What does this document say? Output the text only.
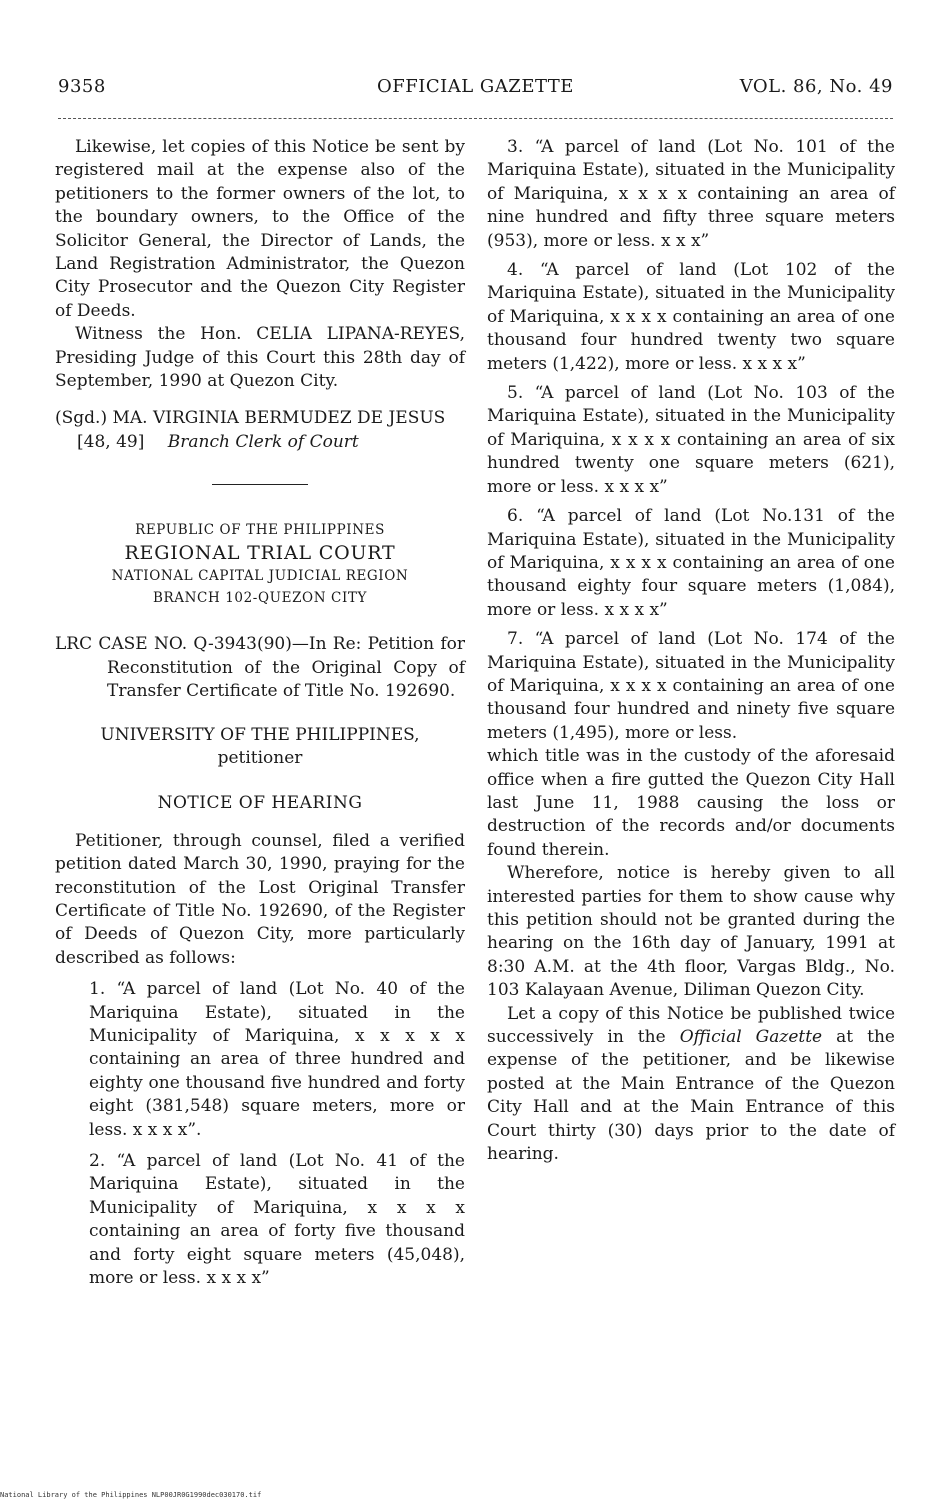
9358	OFFICIAL GAZETTE	VOL. 86, No. 49

Likewise, let copies of this Notice be sent by registered mail at the expense also of the petitioners to the former owners of the lot, to the boundary owners, to the Office of the Solicitor General, the Director of Lands, the Land Registration Administrator, the Quezon City Prosecutor and the Quezon City Register of Deeds.

Witness the Hon. CELIA LIPANA-REYES, Presiding Judge of this Court this 28th day of September, 1990 at Quezon City.

(Sgd.) MA. VIRGINIA BERMUDEZ DE JESUS
[48, 49] Branch Clerk of Court
REPUBLIC OF THE PHILIPPINES
REGIONAL TRIAL COURT
NATIONAL CAPITAL JUDICIAL REGION
BRANCH 102-QUEZON CITY

LRC CASE NO. Q-3943(90)—In Re: Petition for Reconstitution of the Original Copy of Transfer Certificate of Title No. 192690.

UNIVERSITY OF THE PHILIPPINES,
petitioner
NOTICE OF HEARING

Petitioner, through counsel, filed a verified petition dated March 30, 1990, praying for the reconstitution of the Lost Original Transfer Certificate of Title No. 192690, of the Register of Deeds of Quezon City, more particularly described as follows:

1. “A parcel of land (Lot No. 40 of the Mariquina Estate), situated in the Municipality of Mariquina, x x x x x containing an area of three hundred and eighty one thousand five hundred and forty eight (381,548) square meters, more or less. x x x x”.

2. “A parcel of land (Lot No. 41 of the Mariquina Estate), situated in the Municipality of Mariquina, x x x x containing an area of forty five thousand and forty eight square meters (45,048), more or less. x x x x”

3. “A parcel of land (Lot No. 101 of the Mariquina Estate), situated in the Municipality of Mariquina, x x x x containing an area of nine hundred and fifty three square meters (953), more or less. x x x”

4. “A parcel of land (Lot 102 of the Mariquina Estate), situated in the Municipality of Mariquina, x x x x containing an area of one thousand four hundred twenty two square meters (1,422), more or less. x x x x”

5. “A parcel of land (Lot No. 103 of the Mariquina Estate), situated in the Municipality of Mariquina, x x x x containing an area of six hundred twenty one square meters (621), more or less. x x x x”

6. “A parcel of land (Lot No.131 of the Mariquina Estate), situated in the Municipality of Mariquina, x x x x containing an area of one thousand eighty four square meters (1,084), more or less. x x x x”

7. “A parcel of land (Lot No. 174 of the Mariquina Estate), situated in the Municipality of Mariquina, x x x x containing an area of one thousand four hundred and ninety five square meters (1,495), more or less.

which title was in the custody of the aforesaid office when a fire gutted the Quezon City Hall last June 11, 1988 causing the loss or destruction of the records and/or documents found therein.

Wherefore, notice is hereby given to all interested parties for them to show cause why this petition should not be granted during the hearing on the 16th day of January, 1991 at 8:30 A.M. at the 4th floor, Vargas Bldg., No. 103 Kalayaan Avenue, Diliman Quezon City.

Let a copy of this Notice be published twice successively in the Official Gazette at the expense of the petitioner, and be likewise posted at the Main Entrance of the Quezon City Hall and at the Main Entrance of this Court thirty (30) days prior to the date of hearing.

National Library of the Philippines NLP00JR0G1990dec030170.tif
